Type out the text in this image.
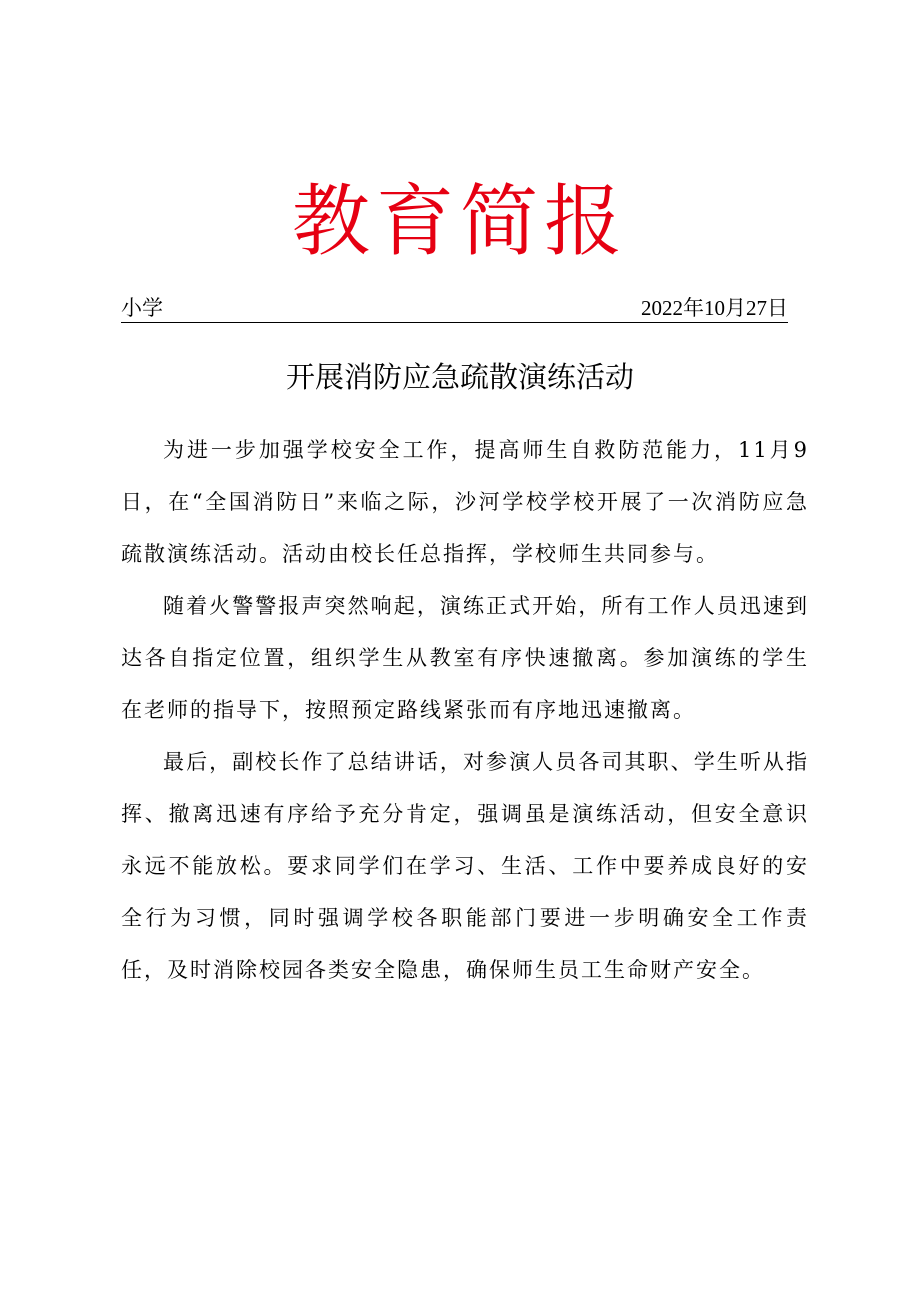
教育简报
小学	2022年10月27日
开展消防应急疏散演练活动

为进一步加强学校安全工作，提高师生自救防范能力，11月9日，在“全国消防日”来临之际，沙河学校学校开展了一次消防应急疏散演练活动。活动由校长任总指挥，学校师生共同参与。

随着火警警报声突然响起，演练正式开始，所有工作人员迅速到达各自指定位置，组织学生从教室有序快速撤离。参加演练的学生在老师的指导下，按照预定路线紧张而有序地迅速撤离。

最后，副校长作了总结讲话，对参演人员各司其职、学生听从指挥、撤离迅速有序给予充分肯定，强调虽是演练活动，但安全意识永远不能放松。要求同学们在学习、生活、工作中要养成良好的安全行为习惯，同时强调学校各职能部门要进一步明确安全工作责任，及时消除校园各类安全隐患，确保师生员工生命财产安全。
